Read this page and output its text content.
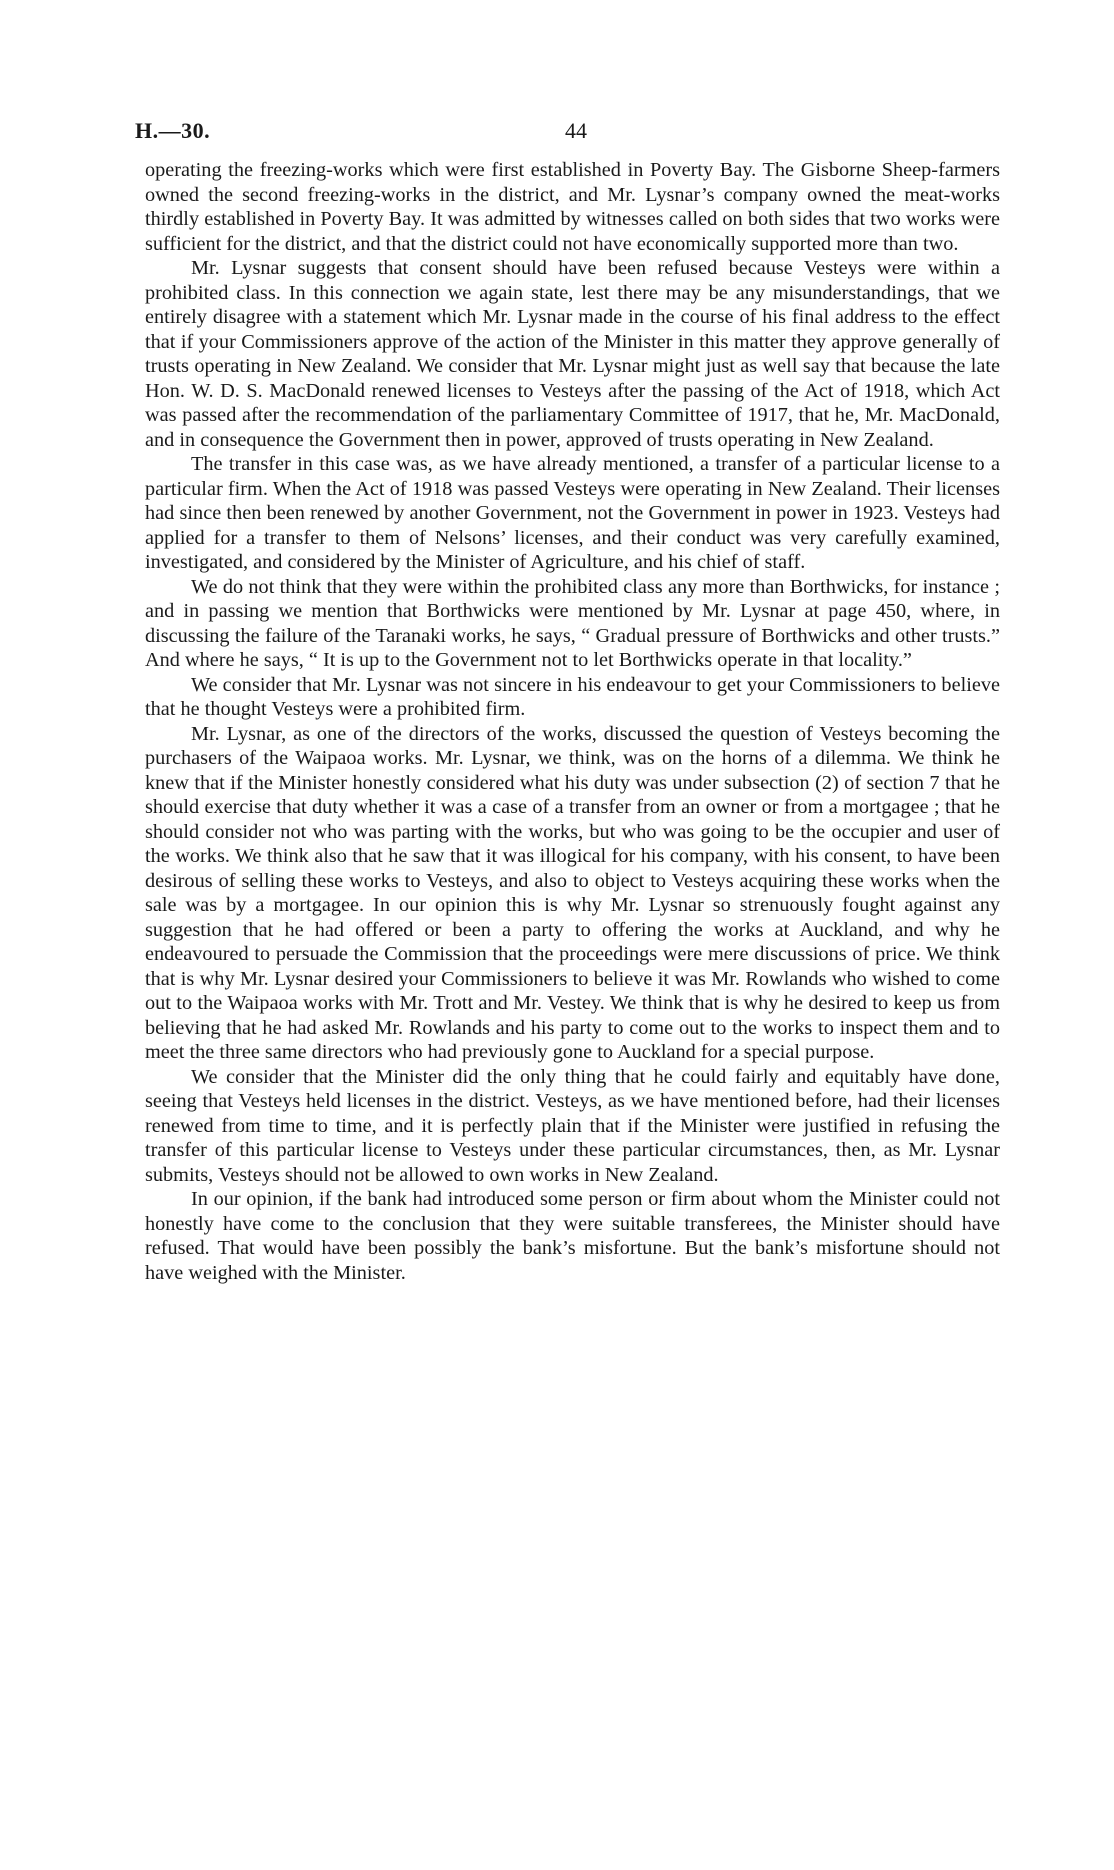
H.—30.	44

operating the freezing-works which were first established in Poverty Bay. The Gisborne Sheep-farmers owned the second freezing-works in the district, and Mr. Lysnar’s company owned the meat-works thirdly established in Poverty Bay. It was admitted by witnesses called on both sides that two works were sufficient for the district, and that the district could not have economically supported more than two.

Mr. Lysnar suggests that consent should have been refused because Vesteys were within a prohibited class. In this connection we again state, lest there may be any misunderstandings, that we entirely disagree with a statement which Mr. Lysnar made in the course of his final address to the effect that if your Commissioners approve of the action of the Minister in this matter they approve generally of trusts operating in New Zealand. We consider that Mr. Lysnar might just as well say that because the late Hon. W. D. S. MacDonald renewed licenses to Vesteys after the passing of the Act of 1918, which Act was passed after the recommendation of the parliamentary Committee of 1917, that he, Mr. MacDonald, and in consequence the Government then in power, approved of trusts operating in New Zealand.

The transfer in this case was, as we have already mentioned, a transfer of a particular license to a particular firm. When the Act of 1918 was passed Vesteys were operating in New Zealand. Their licenses had since then been renewed by another Government, not the Government in power in 1923. Vesteys had applied for a transfer to them of Nelsons’ licenses, and their conduct was very carefully examined, investigated, and considered by the Minister of Agriculture, and his chief of staff.

We do not think that they were within the prohibited class any more than Borthwicks, for instance ; and in passing we mention that Borthwicks were mentioned by Mr. Lysnar at page 450, where, in discussing the failure of the Taranaki works, he says, “ Gradual pressure of Borthwicks and other trusts.” And where he says, “ It is up to the Government not to let Borthwicks operate in that locality.”

We consider that Mr. Lysnar was not sincere in his endeavour to get your Commissioners to believe that he thought Vesteys were a prohibited firm.

Mr. Lysnar, as one of the directors of the works, discussed the question of Vesteys becoming the purchasers of the Waipaoa works. Mr. Lysnar, we think, was on the horns of a dilemma. We think he knew that if the Minister honestly considered what his duty was under subsection (2) of section 7 that he should exercise that duty whether it was a case of a transfer from an owner or from a mortgagee ; that he should consider not who was parting with the works, but who was going to be the occupier and user of the works. We think also that he saw that it was illogical for his company, with his consent, to have been desirous of selling these works to Vesteys, and also to object to Vesteys acquiring these works when the sale was by a mortgagee. In our opinion this is why Mr. Lysnar so strenuously fought against any suggestion that he had offered or been a party to offering the works at Auckland, and why he endeavoured to persuade the Commission that the proceedings were mere discussions of price. We think that is why Mr. Lysnar desired your Commissioners to believe it was Mr. Rowlands who wished to come out to the Waipaoa works with Mr. Trott and Mr. Vestey. We think that is why he desired to keep us from believing that he had asked Mr. Rowlands and his party to come out to the works to inspect them and to meet the three same directors who had previously gone to Auckland for a special purpose.

We consider that the Minister did the only thing that he could fairly and equitably have done, seeing that Vesteys held licenses in the district. Vesteys, as we have mentioned before, had their licenses renewed from time to time, and it is perfectly plain that if the Minister were justified in refusing the transfer of this particular license to Vesteys under these particular circumstances, then, as Mr. Lysnar submits, Vesteys should not be allowed to own works in New Zealand.

In our opinion, if the bank had introduced some person or firm about whom the Minister could not honestly have come to the conclusion that they were suitable transferees, the Minister should have refused. That would have been possibly the bank’s misfortune. But the bank’s misfortune should not have weighed with the Minister.
